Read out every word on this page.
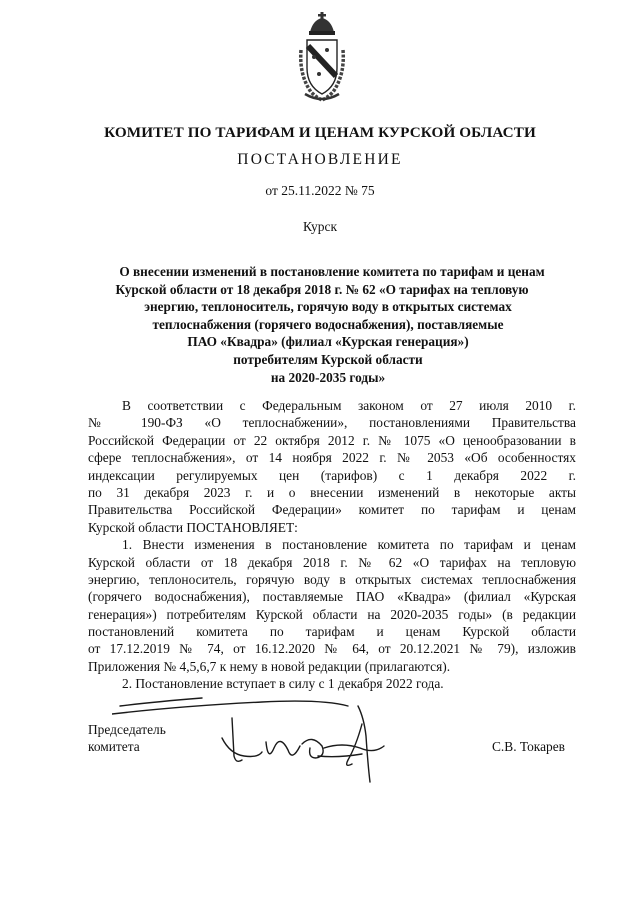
КОМИТЕТ ПО ТАРИФАМ И ЦЕНАМ КУРСКОЙ ОБЛАСТИ
ПОСТАНОВЛЕНИЕ
от 25.11.2022 № 75
Курск
О внесении изменений в постановление комитета по тарифам и ценам
Курской области от 18 декабря 2018 г. № 62 «О тарифах на тепловую
энергию, теплоноситель, горячую воду в открытых системах
теплоснабжения (горячего водоснабжения), поставляемые
ПАО «Квадра» (филиал «Курская генерация»)
потребителям Курской области
на 2020-2035 годы»
В соответствии с Федеральным законом от 27 июля 2010 г.
№ 190-ФЗ «О теплоснабжении», постановлениями Правительства
Российской Федерации от 22 октября 2012 г. № 1075 «О ценообразовании в
сфере теплоснабжения», от 14 ноября 2022 г. № 2053 «Об особенностях
индексации регулируемых цен (тарифов) с 1 декабря 2022 г.
по 31 декабря 2023 г. и о внесении изменений в некоторые акты
Правительства Российской Федерации» комитет по тарифам и ценам
Курской области ПОСТАНОВЛЯЕТ:
1. Внести изменения в постановление комитета по тарифам и ценам
Курской области от 18 декабря 2018 г. № 62 «О тарифах на тепловую
энергию, теплоноситель, горячую воду в открытых системах теплоснабжения
(горячего водоснабжения), поставляемые ПАО «Квадра» (филиал «Курская
генерация») потребителям Курской области на 2020-2035 годы» (в редакции
постановлений комитета по тарифам и ценам Курской области
от 17.12.2019 № 74, от 16.12.2020 № 64, от 20.12.2021 № 79), изложив
Приложения № 4,5,6,7 к нему в новой редакции (прилагаются).
2. Постановление вступает в силу с 1 декабря 2022 года.
Председатель
комитета	С.В. Токарев
